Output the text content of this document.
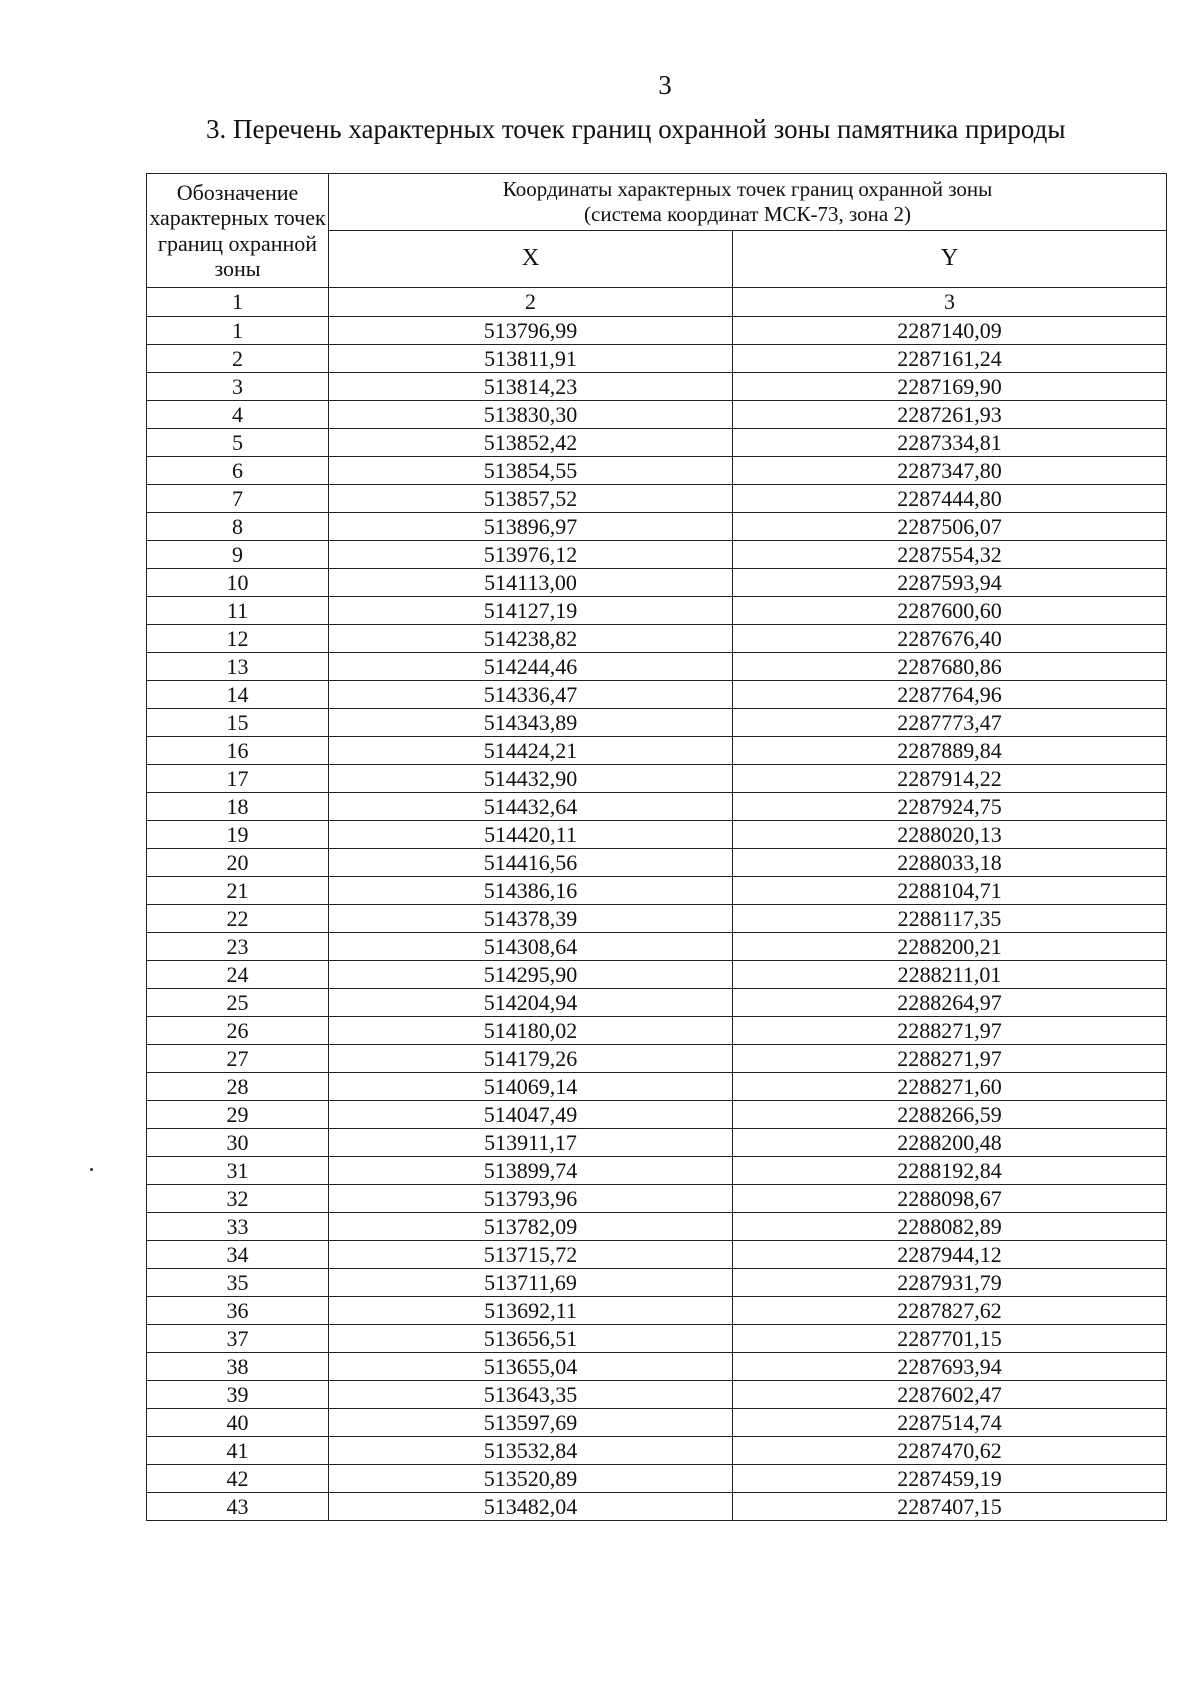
3
3. Перечень характерных точек границ охранной зоны памятника природы
Обозначение характерных точек границ охранной зоны	Координаты характерных точек границ охранной зоны
(система координат МСК-73, зона 2)	

	X	Y
1	2	3
1	513796,99	2287140,09
2	513811,91	2287161,24
3	513814,23	2287169,90
4	513830,30	2287261,93
5	513852,42	2287334,81
6	513854,55	2287347,80
7	513857,52	2287444,80
8	513896,97	2287506,07
9	513976,12	2287554,32
10	514113,00	2287593,94
11	514127,19	2287600,60
12	514238,82	2287676,40
13	514244,46	2287680,86
14	514336,47	2287764,96
15	514343,89	2287773,47
16	514424,21	2287889,84
17	514432,90	2287914,22
18	514432,64	2287924,75
19	514420,11	2288020,13
20	514416,56	2288033,18
21	514386,16	2288104,71
22	514378,39	2288117,35
23	514308,64	2288200,21
24	514295,90	2288211,01
25	514204,94	2288264,97
26	514180,02	2288271,97
27	514179,26	2288271,97
28	514069,14	2288271,60
29	514047,49	2288266,59
30	513911,17	2288200,48
31	513899,74	2288192,84
32	513793,96	2288098,67
33	513782,09	2288082,89
34	513715,72	2287944,12
35	513711,69	2287931,79
36	513692,11	2287827,62
37	513656,51	2287701,15
38	513655,04	2287693,94
39	513643,35	2287602,47
40	513597,69	2287514,74
41	513532,84	2287470,62
42	513520,89	2287459,19
43	513482,04	2287407,15
